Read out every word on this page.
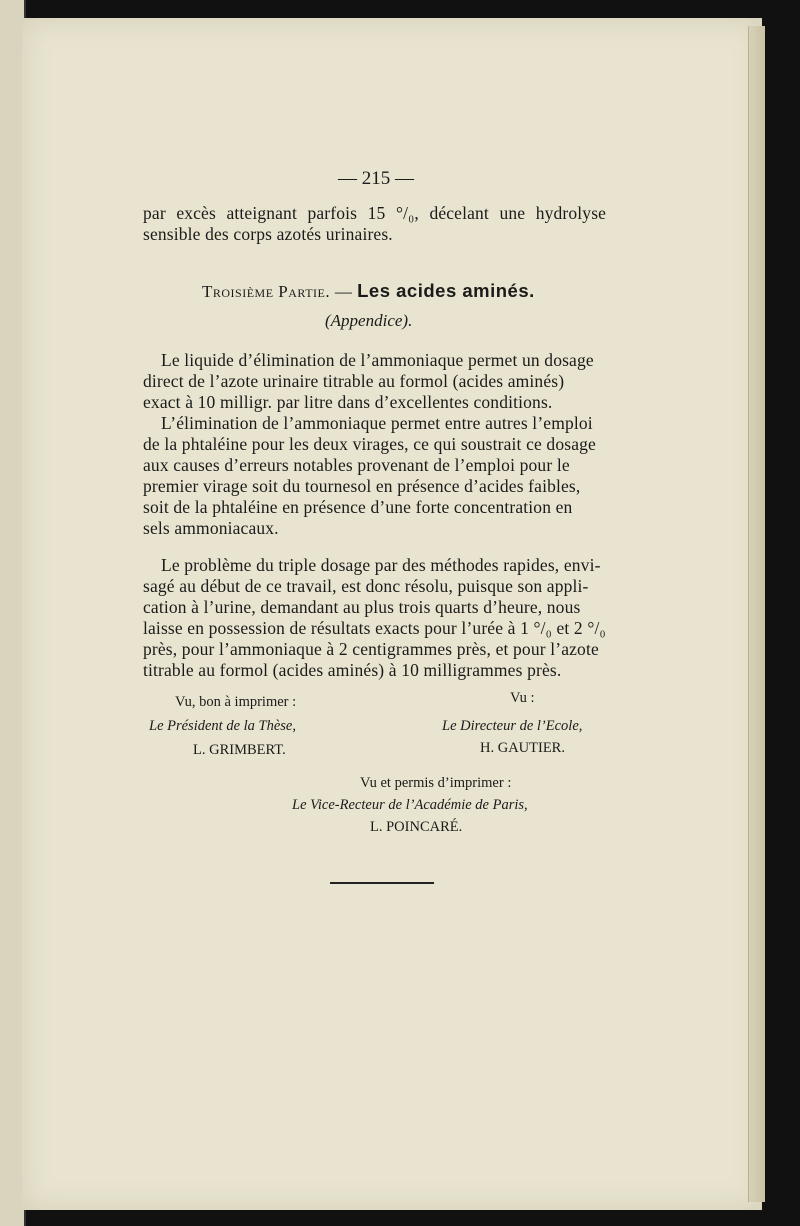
— 215 —
par excès atteignant parfois 15 °/₀, décelant une hydrolyse
sensible des corps azotés urinaires.
Troisième Partie. — Les acides aminés.
(Appendice).
Le liquide d’élimination de l’ammoniaque permet un dosage
direct de l’azote urinaire titrable au formol (acides aminés)
exact à 10 milligr. par litre dans d’excellentes conditions.
L’élimination de l’ammoniaque permet entre autres l’emploi
de la phtaléine pour les deux virages, ce qui soustrait ce dosage
aux causes d’erreurs notables provenant de l’emploi pour le
premier virage soit du tournesol en présence d’acides faibles,
soit de la phtaléine en présence d’une forte concentration en
sels ammoniacaux.
Le problème du triple dosage par des méthodes rapides, envi-
sagé au début de ce travail, est donc résolu, puisque son appli-
cation à l’urine, demandant au plus trois quarts d’heure, nous
laisse en possession de résultats exacts pour l’urée à 1 °/₀ et 2 °/₀
près, pour l’ammoniaque à 2 centigrammes près, et pour l’azote
titrable au formol (acides aminés) à 10 milligrammes près.
Vu, bon à imprimer :	Vu :
Le Président de la Thèse,	Le Directeur de l’Ecole,
L. GRIMBERT.	H. GAUTIER.
Vu et permis d’imprimer :
Le Vice-Recteur de l’Académie de Paris,
L. POINCARÉ.
